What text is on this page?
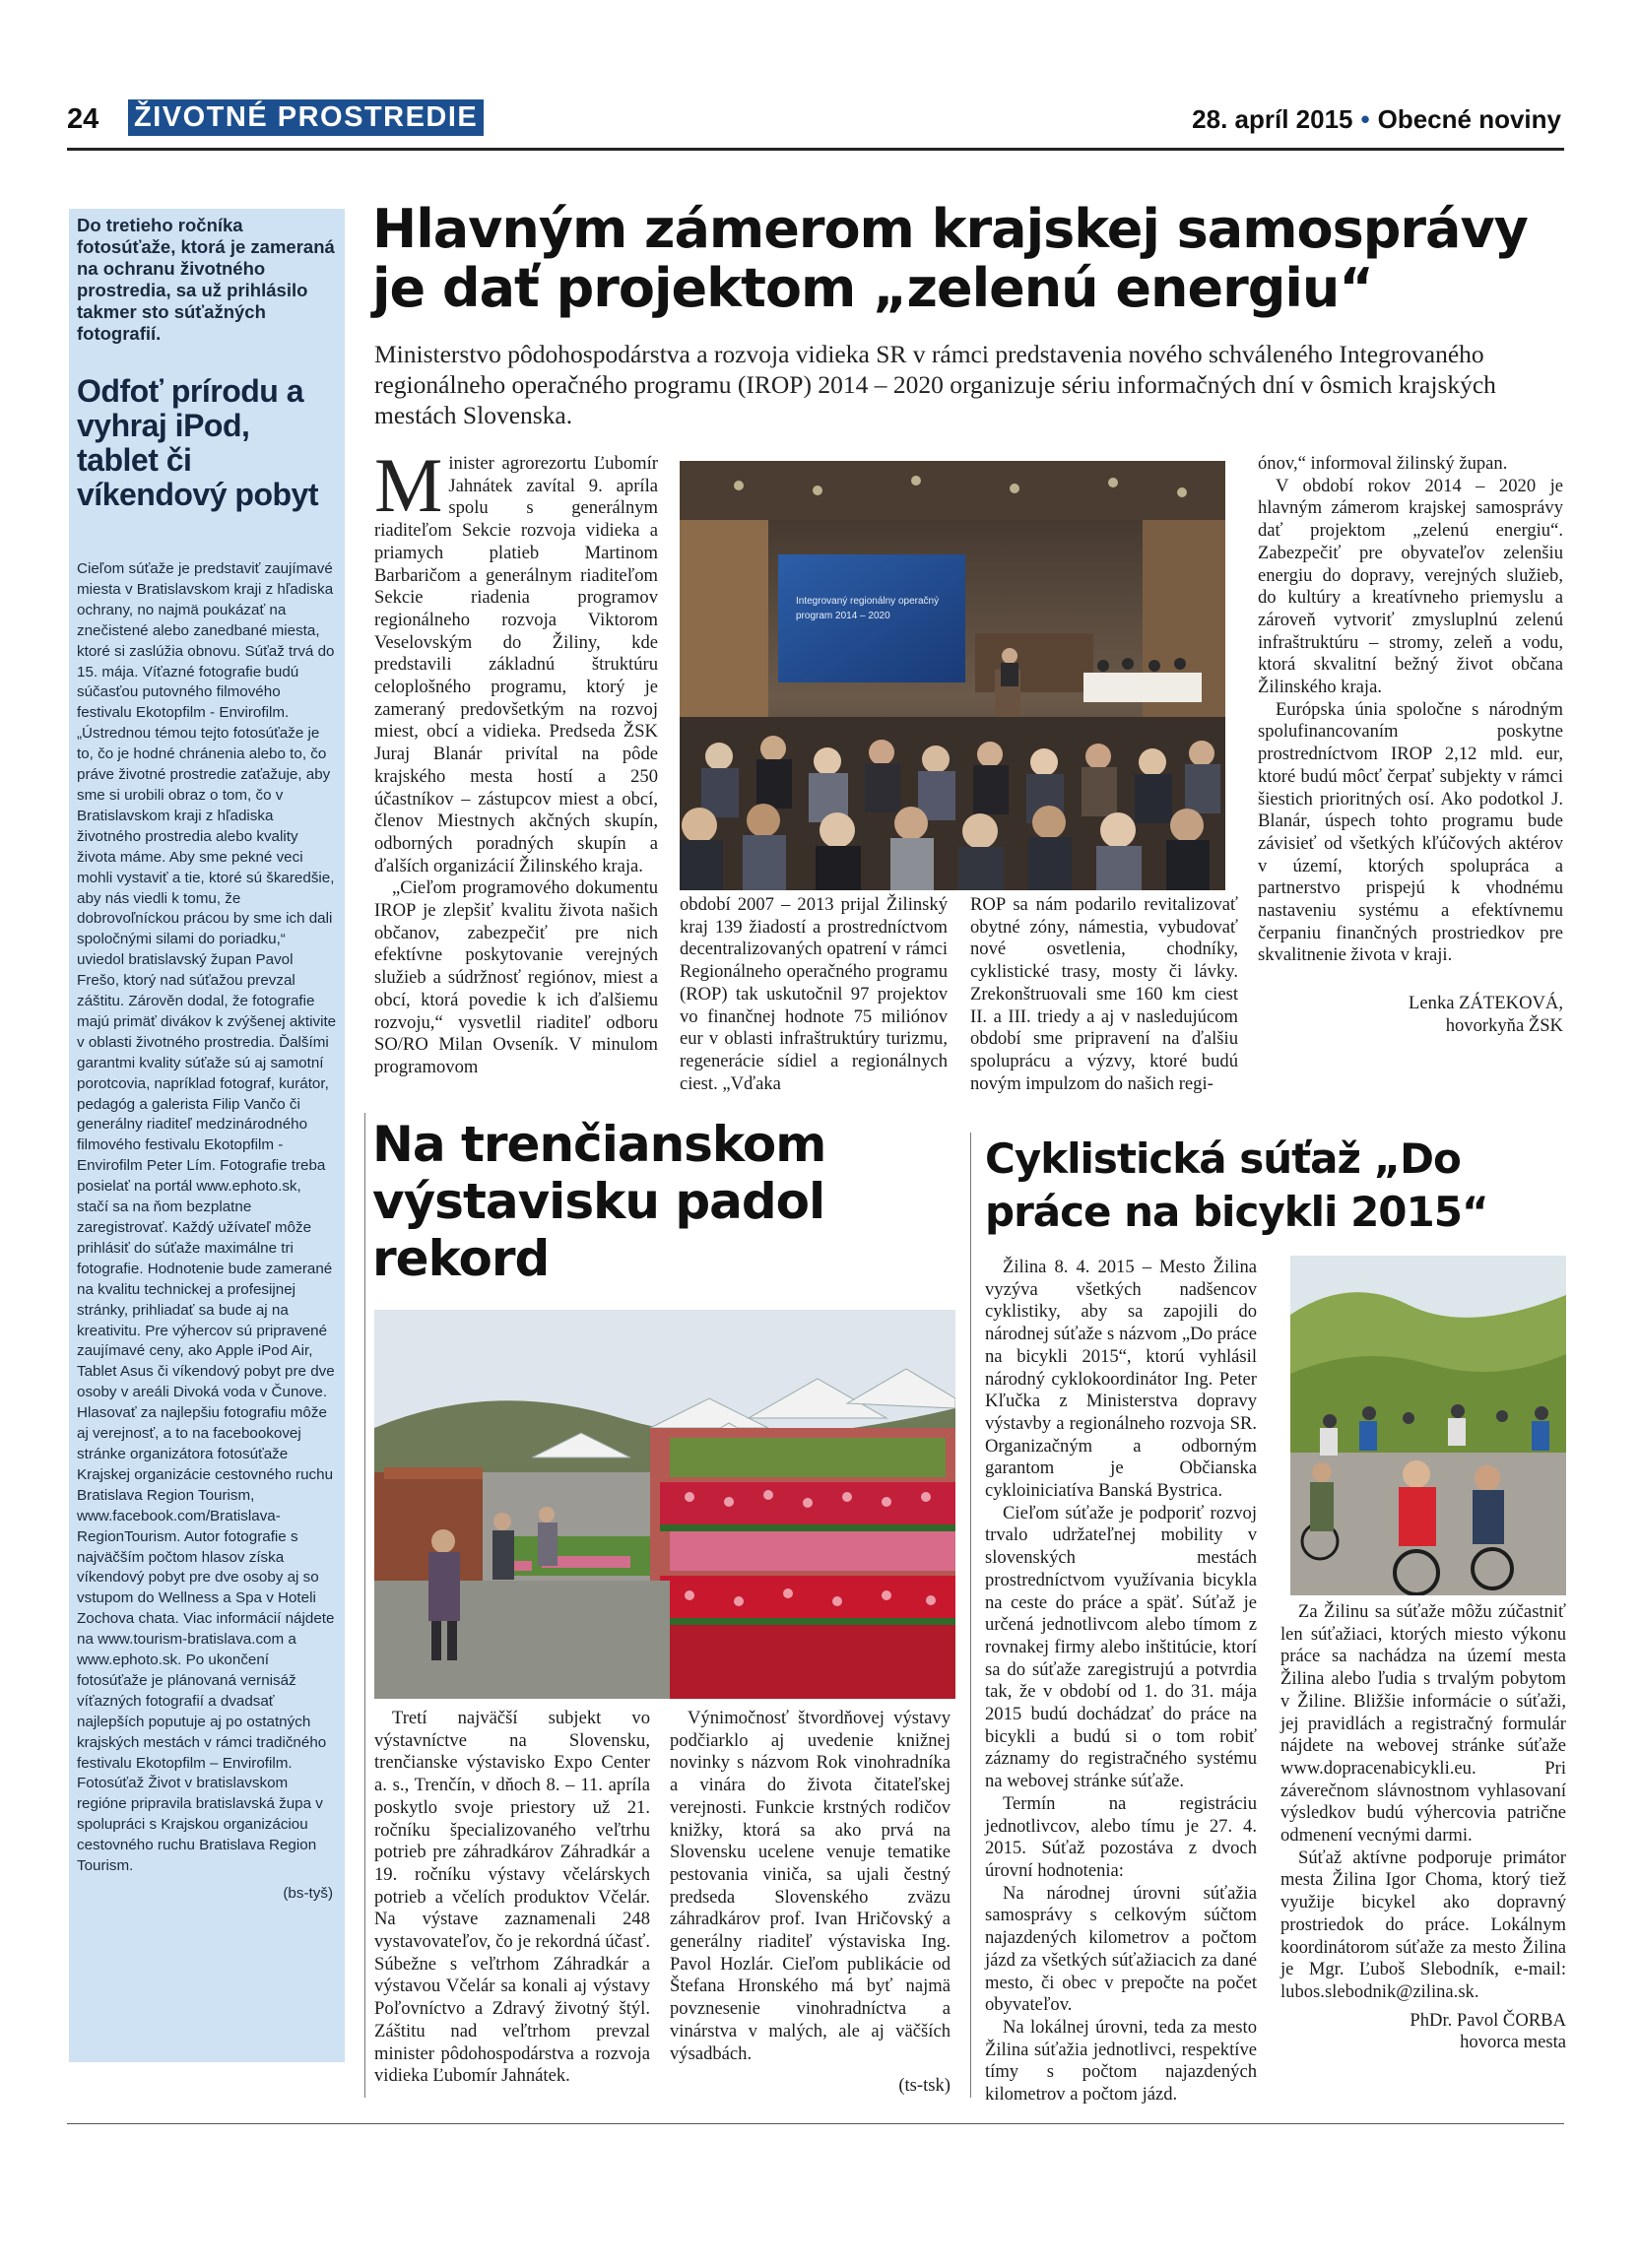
24 ŽIVOTNÉ PROSTREDIE	28. apríl 2015 • Obecné noviny

Do tretieho ročníka fotosúťaže, ktorá je zameraná na ochranu životného prostredia, sa už prihlásilo takmer sto súťažných fotografií.

Odfoť prírodu a vyhraj iPod, tablet či víkendový pobyt

Cieľom súťaže je predstaviť zaujímavé miesta v Bratislavskom kraji z hľadiska ochrany, no najmä poukázať na znečistené alebo zanedbané miesta, ktoré si zaslúžia obnovu. Súťaž trvá do 15. mája. Víťazné fotografie budú súčasťou putovného filmového festivalu Ekotopfilm - Envirofilm. „Ústrednou témou tejto fotosúťaže je to, čo je hodné chránenia alebo to, čo práve životné prostredie zaťažuje, aby sme si urobili obraz o tom, čo v Bratislavskom kraji z hľadiska životného prostredia alebo kvality života máme. Aby sme pekné veci mohli vystaviť a tie, ktoré sú škaredšie, aby nás viedli k tomu, že dobrovoľníckou prácou by sme ich dali spoločnými silami do poriadku,“ uviedol bratislavský župan Pavol Frešo, ktorý nad súťažou prevzal záštitu. Zárověn dodal, že fotografie majú primäť divákov k zvýšenej aktivite v oblasti životného prostredia. Ďalšími garantmi kvality súťaže sú aj samotní porotcovia, napríklad fotograf, kurátor, pedagóg a galerista Filip Vančo či generálny riaditeľ medzinárodného filmového festivalu Ekotopfilm - Envirofilm Peter Lím. Fotografie treba posielať na portál www.ephoto.sk, stačí sa na ňom bezplatne zaregistrovať. Každý užívateľ môže prihlásiť do súťaže maximálne tri fotografie. Hodnotenie bude zamerané na kvalitu technickej a profesijnej stránky, prihliadať sa bude aj na kreativitu. Pre výhercov sú pripravené zaujímavé ceny, ako Apple iPod Air, Tablet Asus či víkendový pobyt pre dve osoby v areáli Divoká voda v Čunove. Hlasovať za najlepšiu fotografiu môže aj verejnosť, a to na facebookovej stránke organizátora fotosúťaže Krajskej organizácie cestovného ruchu Bratislava Region Tourism, www.facebook.com/Bratislava-RegionTourism. Autor fotografie s najväčším počtom hlasov získa víkendový pobyt pre dve osoby aj so vstupom do Wellness a Spa v Hoteli Zochova chata. Viac informácií nájdete na www.tourism-bratislava.com a www.ephoto.sk. Po ukončení fotosúťaže je plánovaná vernisáž víťazných fotografií a dvadsať najlepších poputuje aj po ostatných krajských mestách v rámci tradičného festivalu Ekotopfilm – Envirofilm. Fotosúťaž Život v bratislavskom regióne pripravila bratislavská župa v spolupráci s Krajskou organizáciou cestovného ruchu Bratislava Region Tourism.

(bs-tyš)

Hlavným zámerom krajskej samosprávy je dať projektom „zelenú energiu“
Ministerstvo pôdohospodárstva a rozvoja vidieka SR v rámci predstavenia nového schváleného Integrovaného regionálneho operačného programu (IROP) 2014 – 2020 organizuje sériu informačných dní v ôsmich krajských mestách Slovenska.

Minister agrorezortu Ľubomír Jahnátek zavítal 9. apríla spolu s generálnym riaditeľom Sekcie rozvoja vidieka a priamych platieb Martinom Barbaričom a generálnym riaditeľom Sekcie riadenia programov regionálneho rozvoja Viktorom Veselovským do Žiliny, kde predstavili základnú štruktúru celoplošného programu, ktorý je zameraný predovšetkým na rozvoj miest, obcí a vidieka. Predseda ŽSK Juraj Blanár privítal na pôde krajského mesta hostí a 250 účastníkov – zástupcov miest a obcí, členov Miestnych akčných skupín, odborných poradných skupín a ďalších organizácií Žilinského kraja.

„Cieľom programového dokumentu IROP je zlepšiť kvalitu života našich občanov, zabezpečiť pre nich efektívne poskytovanie verejných služieb a súdržnosť regiónov, miest a obcí, ktorá povedie k ich ďalšiemu rozvoju,“ vysvetlil riaditeľ odboru SO/RO Milan Ovseník. V minulom programovom

Integrovaný regionálny operačný
program 2014 – 2020

období 2007 – 2013 prijal Žilinský kraj 139 žiadostí a prostredníctvom decentralizovaných opatrení v rámci Regionálneho operačného programu (ROP) tak uskutočnil 97 projektov vo finančnej hodnote 75 miliónov eur v oblasti infraštruktúry turizmu, regenerácie sídiel a regionálnych ciest. „Vďaka

ROP sa nám podarilo revitalizovať obytné zóny, námestia, vybudovať nové osvetlenia, chodníky, cyklistické trasy, mosty či lávky. Zrekonštruovali sme 160 km ciest II. a III. triedy a aj v nasledujúcom období sme pripravení na ďalšiu spoluprácu a výzvy, ktoré budú novým impulzom do našich regi-

ónov,“ informoval žilinský župan.

V období rokov 2014 – 2020 je hlavným zámerom krajskej samosprávy dať projektom „zelenú energiu“. Zabezpečiť pre obyvateľov zelenšiu energiu do dopravy, verejných služieb, do kultúry a kreatívneho priemyslu a zároveň vytvoriť zmysluplnú zelenú infraštruktúru – stromy, zeleň a vodu, ktorá skvalitní bežný život občana Žilinského kraja.

Európska únia spoločne s národným spolufinancovaním poskytne prostredníctvom IROP 2,12 mld. eur, ktoré budú môcť čerpať subjekty v rámci šiestich prioritných osí. Ako podotkol J. Blanár, úspech tohto programu bude závisieť od všetkých kľúčových aktérov v území, ktorých spolupráca a partnerstvo prispejú k vhodnému nastaveniu systému a efektívnemu čerpaniu finančných prostriedkov pre skvalitnenie života v kraji.

Lenka ZÁTEKOVÁ,

hovorkyňa ŽSK

Na trenčianskom výstavisku padol rekord

Tretí najväčší subjekt vo výstavníctve na Slovensku, trenčianske výstavisko Expo Center a. s., Trenčín, v dňoch 8. – 11. apríla poskytlo svoje priestory už 21. ročníku špecializovaného veľtrhu potrieb pre záhradkárov Záhradkár a 19. ročníku výstavy včelárskych potrieb a včelích produktov Včelár. Na výstave zaznamenali 248 vystavovateľov, čo je rekordná účasť. Súbežne s veľtrhom Záhradkár a výstavou Včelár sa konali aj výstavy Poľovníctvo a Zdravý životný štýl. Záštitu nad veľtrhom prevzal minister pôdohospodárstva a rozvoja vidieka Ľubomír Jahnátek.

Výnimočnosť štvordňovej výstavy podčiarklo aj uvedenie knižnej novinky s názvom Rok vinohradníka a vinára do života čitateľskej verejnosti. Funkcie krstných rodičov knižky, ktorá sa ako prvá na Slovensku ucelene venuje tematike pestovania viniča, sa ujali čestný predseda Slovenského zväzu záhradkárov prof. Ivan Hričovský a generálny riaditeľ výstaviska Ing. Pavol Hozlár. Cieľom publikácie od Štefana Hronského má byť najmä povznesenie vinohradníctva a vinárstva v malých, ale aj väčších výsadbách.

(ts-tsk)

Cyklistická súťaž „Do práce na bicykli 2015“

Žilina 8. 4. 2015 – Mesto Žilina vyzýva všetkých nadšencov cyklistiky, aby sa zapojili do národnej súťaže s názvom „Do práce na bicykli 2015“, ktorú vyhlásil národný cyklokoordinátor Ing. Peter Kľučka z Ministerstva dopravy výstavby a regionálneho rozvoja SR. Organizačným a odborným garantom je Občianska cykloiniciatíva Banská Bystrica.

Cieľom súťaže je podporiť rozvoj trvalo udržateľnej mobility v slovenských mestách prostredníctvom využívania bicykla na ceste do práce a späť. Súťaž je určená jednotlivcom alebo tímom z rovnakej firmy alebo inštitúcie, ktorí sa do súťaže zaregistrujú a potvrdia tak, že v období od 1. do 31. mája 2015 budú dochádzať do práce na bicykli a budú si o tom robiť záznamy do registračného systému na webovej stránke súťaže.

Termín na registráciu jednotlivcov, alebo tímu je 27. 4. 2015. Súťaž pozostáva z dvoch úrovní hodnotenia:

Na národnej úrovni súťažia samosprávy s celkovým súčtom najazdených kilometrov a počtom jázd za všetkých súťažiacich za dané mesto, či obec v prepočte na počet obyvateľov.

Na lokálnej úrovni, teda za mesto Žilina súťažia jednotlivci, respektíve tímy s počtom najazdených kilometrov a počtom jázd.

Za Žilinu sa súťaže môžu zúčastniť len súťažiaci, ktorých miesto výkonu práce sa nachádza na území mesta Žilina alebo ľudia s trvalým pobytom v Žiline. Bližšie informácie o súťaži, jej pravidlách a registračný formulár nájdete na webovej stránke súťaže www.dopracenabicykli.eu. Pri záverečnom slávnostnom vyhlasovaní výsledkov budú výhercovia patrične odmenení vecnými darmi.

Súťaž aktívne podporuje primátor mesta Žilina Igor Choma, ktorý tiež využije bicykel ako dopravný prostriedok do práce. Lokálnym koordinátorom súťaže za mesto Žilina je Mgr. Ľuboš Slebodník, e-mail: lubos.slebodnik@zilina.sk.

PhDr. Pavol ČORBA

hovorca mesta
